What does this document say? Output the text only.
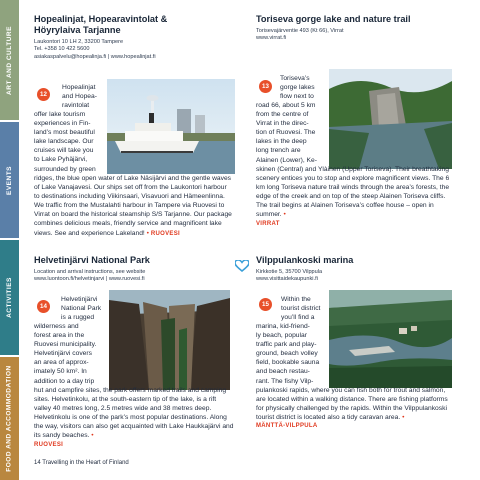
ART AND CULTURE
EVENTS
ACTIVITIES
FOOD AND ACCOMMODATION
Hopealinjat, Hopearavintolat &
Höyrylaiva Tarjanne
Laukontori 10 LH 2, 33200 Tampere
Tel. +358 10 422 5600
asiakaspalvelu@hopealinja.fi | www.hopealinjat.fi
12
Hopealinjat
and Hopea-
ravintolat
offer lake tourism
experiences in Fin-
land’s most beautiful
lake landscape. Our
cruises will take you
to Lake Pyhäjärvi,
surrounded by green
ridges, the blue open water of Lake Näsijärvi and the gentle waves of Lake Vanajavesi. Our ships set off from the Laukontori harbour to destinations including Viikinsaari, Visavuori and Hämeenlinna. We traffic from the Mustalahti harbour in Tampere via Ruovesi to Virrat on board the historical steamship S/S Tarjanne. Our package combines delicious meals, friendly service and magnificent lake views. See and experience Lakeland! • RUOVESI
Toriseva gorge lake and nature trail
Torisevajärventie 493 (Kt 66), Virrat
www.virrat.fi
13
Toriseva’s
gorge lakes
flow next to
road 66, about 5 km
from the centre of
Virrat in the direc-
tion of Ruovesi. The
lakes in the deep
long trench are
Alainen (Lower), Ke-
skinen (Central) and Ylàinen (Upper Toriseva). Their breathtaking scenery entices you to stop and explore magnificent views. The 6 km long Toriseva nature trail winds through the area’s forests, the edge of the creek and on top of the steep Alainen Toriseva cliffs. The trail begins at Alainen Toriseva’s coffee house – open in summer. •
VIRRAT
Helvetinjärvi National Park
Location and arrival instructions, see website
www.luontoon.fi/helvetinjarvi | www.ruovesi.fi
14
Helvetinjärvi
National Park
is a rugged
wilderness and
forest area in the
Ruovesi municipality.
Helvetinjärvi covers
an area of approx-
imately 50 km². In
addition to a day trip
hut and campfire sites, the park offers marked trails and camping sites. Helvetinkolu, at the south-eastern tip of the lake, is a rift valley 40 metres long, 2.5 metres wide and 38 metres deep. Helvetinkolu is one of the park’s most popular destinations. Along the way, visitors can also get acquainted with Lake Haukkajärvi and its sandy beaches. •
RUOVESI
Vilppulankoski marina
Kirkkotie 5, 35700 Vilppula
www.visittaidekaupunki.fi
15
Within the
tourist district
you’ll find a
marina, kid-friend-
ly beach, popular
traffic park and play-
ground, beach volley
field, bookable sauna
and beach restau-
rant. The fishy Vilp-
pulankoski rapids, where you can fish both for trout and salmon, are located within a walking distance. There are fishing platforms for physically challenged by the rapids. Within the Vilppulankoski tourist district is located also a tidy caravan area. •
MÄNTTÄ-VILPPULA
14 Travelling in the Heart of Finland
